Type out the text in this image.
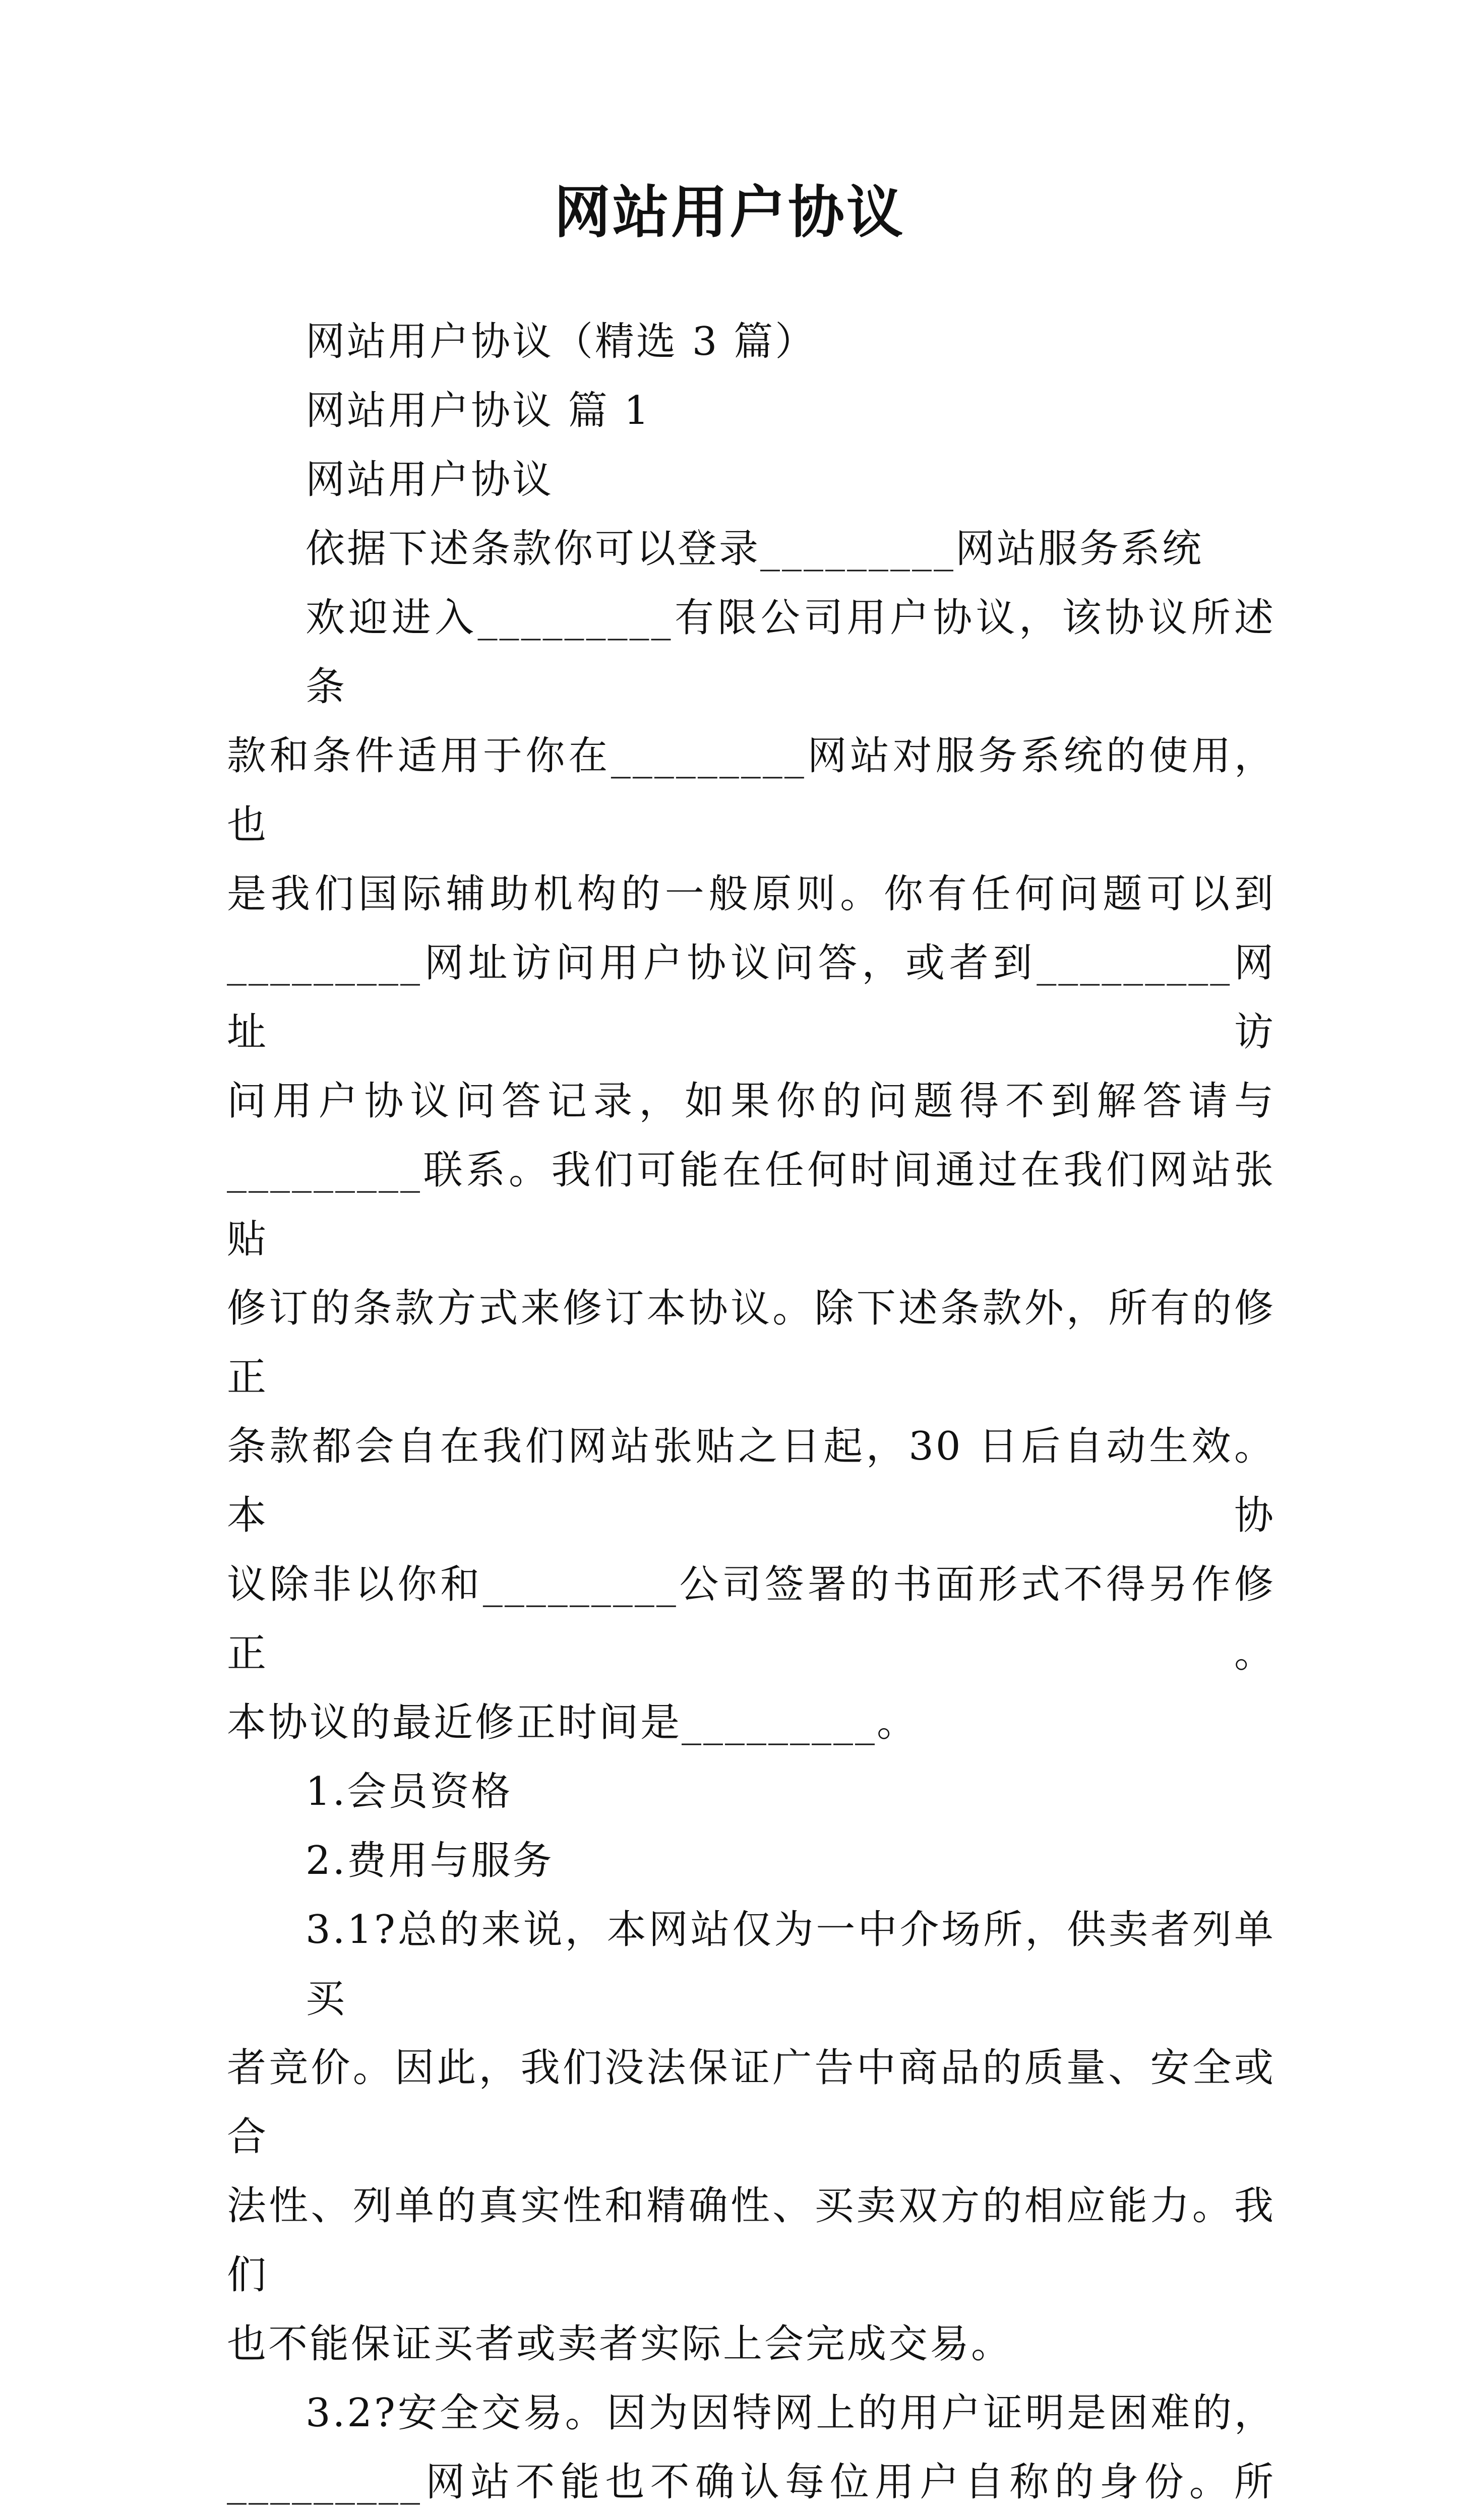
网站用户协议

网站用户协议（精选 3 篇）

网站用户协议 篇 1

网站用户协议

依据下述条款你可以登录_________网站服务系统

欢迎进入_________有限公司用户协议，该协议所述条

款和条件适用于你在_________网站对服务系统的使用，也

是我们国际辅助机构的一般原则。你有任何问题可以到

_________网址访问用户协议问答，或者到_________网址访

问用户协议问答记录，如果你的问题得不到解答请与

_________联系。我们可能在任何时间通过在我们网站张贴

修订的条款方式来修订本协议。除下述条款外，所有的修正

条款都会自在我们网站张贴之日起，30 日后自动生效。本协

议除非以你和_________公司签署的书面形式不得另作修正。

本协议的最近修正时间是_________。

1.会员资格

2.费用与服务

3.1?总的来说，本网站仅为一中介场所，供卖者列单买

者竞价。因此，我们没法保证广告中商品的质量、安全或合

法性、列单的真实性和精确性、买卖双方的相应能力。我们

也不能保证买者或卖者实际上会完成交易。

3.2?安全交易。因为因特网上的用户证明是困难的，

_________网站不能也不确认每位用户自称的身份。所
